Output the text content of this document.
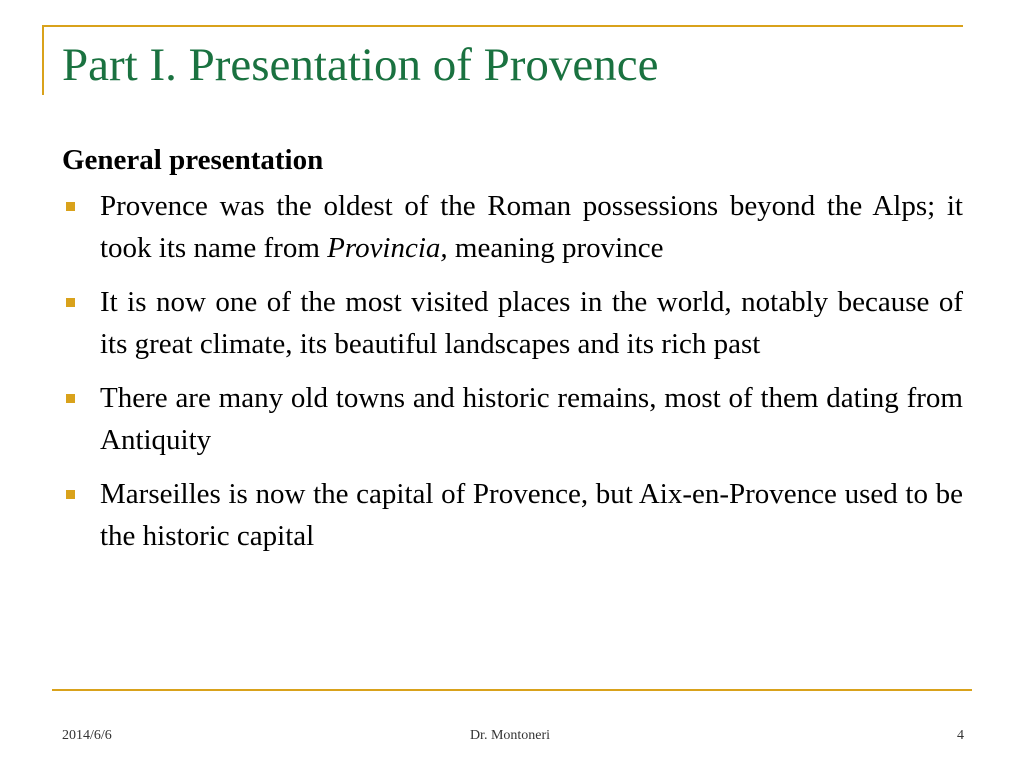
Part I. Presentation of Provence
General presentation
Provence was the oldest of the Roman possessions beyond the Alps; it took its name from Provincia, meaning province
It is now one of the most visited places in the world, notably because of its great climate, its beautiful landscapes and its rich past
There are many old towns and historic remains, most of them dating from Antiquity
Marseilles is now the capital of Provence, but Aix-en-Provence used to be the historic capital
2014/6/6	Dr. Montoneri	4
